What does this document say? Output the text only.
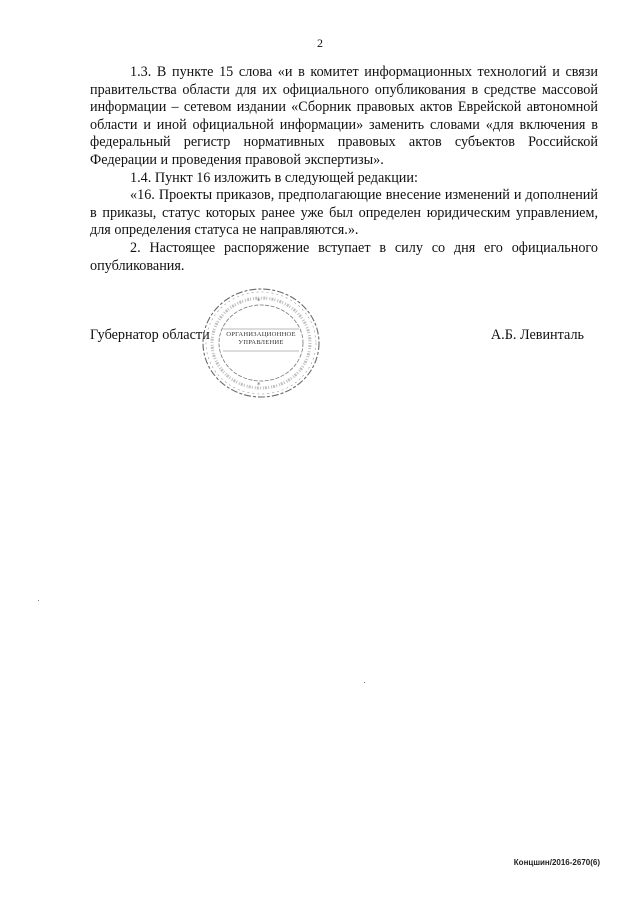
2

1.3. В пункте 15 слова «и в комитет информационных технологий и связи правительства области для их официального опубликования в средстве массовой информации – сетевом издании «Сборник правовых актов Еврейской автономной области и иной официальной информации» заменить словами «для включения в федеральный регистр нормативных правовых актов субъектов Российской Федерации и проведения правовой экспертизы».

1.4. Пункт 16 изложить в следующей редакции:

«16. Проекты приказов, предполагающие внесение изменений и дополнений в приказы, статус которых ранее уже был определен юридическим управлением, для определения статуса не направляются.».

2. Настоящее распоряжение вступает в силу со дня его официального опубликования.

Губернатор области	А.Б. Левинталь
*
*
ОРГАНИЗАЦИОННОЕ
УПРАВЛЕНИЕ
Концшин/2016-2670(6)
